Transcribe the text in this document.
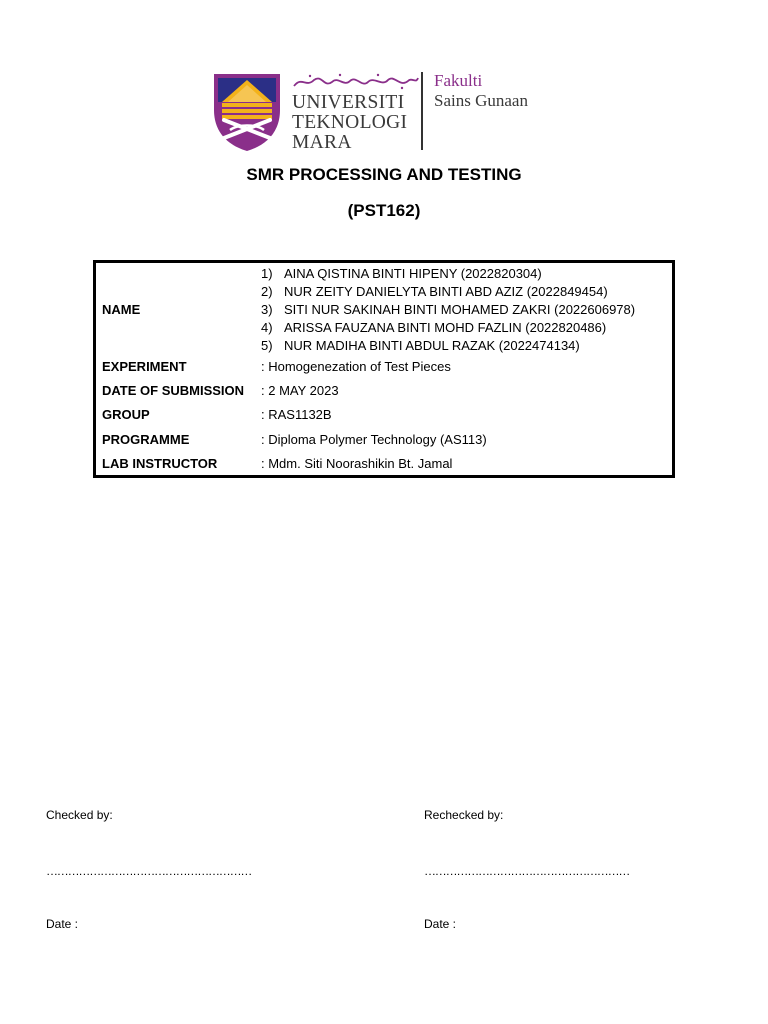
UNIVERSITI
TEKNOLOGI
MARA
Fakulti
Sains Gunaan
SMR PROCESSING AND TESTING
(PST162)
NAME
1) AINA QISTINA BINTI HIPENY (2022820304)
2) NUR ZEITY DANIELYTA BINTI ABD AZIZ (2022849454)
3) SITI NUR SAKINAH BINTI MOHAMED ZAKRI (2022606978)
4) ARISSA FAUZANA BINTI MOHD FAZLIN (2022820486)
5) NUR MADIHA BINTI ABDUL RAZAK (2022474134)
EXPERIMENT	: Homogenezation of Test Pieces
DATE OF SUBMISSION : 2 MAY 2023
GROUP	: RAS1132B
PROGRAMME	: Diploma Polymer Technology (AS113)
LAB INSTRUCTOR	: Mdm. Siti Noorashikin Bt. Jamal
Checked by:	Rechecked by:
…………………………………………………	…………………………………………………
Date :	Date :
